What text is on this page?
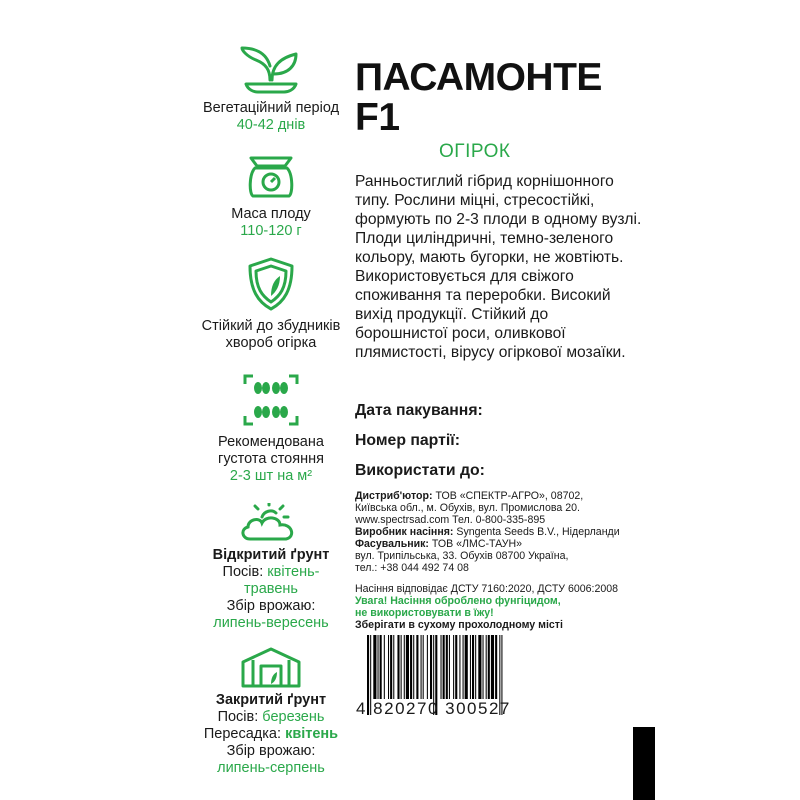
Вегетаційний період
40-42 днів
Маса плоду
110-120 г
Стійкий до збудників хвороб огірка
Рекомендована густота стояння
2-3 шт на м²
Відкритий ґрунт
Посів: квітень-травень
Збір врожаю:
липень-вересень
Закритий ґрунт
Посів: березень
Пересадка: квітень
Збір врожаю:
липень-серпень
ПАСАМОНТЕ F1
ОГІРОК
Ранньостиглий гібрид корнішонного типу. Рослини міцні, стресостійкі, формують по 2-3 плоди в одному вузлі. Плоди циліндричні, темно-зеленого кольору, мають бугорки, не жовтіють. Використовується для свіжого споживання та переробки. Високий вихід продукції. Стійкий до борошнистої роси, оливкової плямистості, вірусу огіркової мозаїки.
Дата пакування:
Номер партії:
Використати до:

Дистриб'ютор: ТОВ «СПЕКТР-АГРО», 08702,

Київська обл., м. Обухів, вул. Промислова 20.

www.spectrsad.com Тел. 0-800-335-895

Виробник насіння: Syngenta Seeds B.V., Нідерланди

Фасувальник: ТОВ «ЛМС-ТАУН»

вул. Трипільська, 33. Обухів 08700 Україна,

тел.: +38 044 492 74 08

Насіння відповідає ДСТУ 7160:2020, ДСТУ 6006:2008

Увага! Насіння оброблено фунгіцидом,

не використовувати в їжу!

Зберігати в сухому прохолодному місті

4 820270 300527
